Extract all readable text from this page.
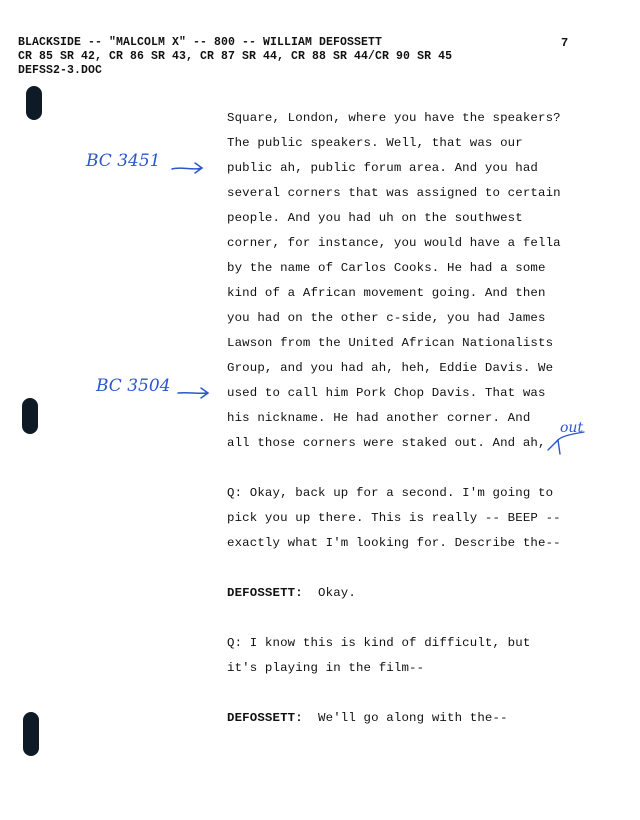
BLACKSIDE -- "MALCOLM X" -- 800 -- WILLIAM DEFOSSETT
CR 85 SR 42, CR 86 SR 43, CR 87 SR 44, CR 88 SR 44/CR 90 SR 45
DEFSS2-3.DOC
7
Square, London, where you have the speakers?
The public speakers. Well, that was our
public ah, public forum area. And you had
several corners that was assigned to certain
people. And you had uh on the southwest
corner, for instance, you would have a fella
by the name of Carlos Cooks. He had a some
kind of a African movement going. And then
you had on the other c-side, you had James
Lawson from the United African Nationalists
Group, and you had ah, heh, Eddie Davis. We
used to call him Pork Chop Davis. That was
his nickname. He had another corner. And
all those corners were staked out. And ah,
Q: Okay, back up for a second. I'm going to
pick you up there. This is really -- BEEP --
exactly what I'm looking for. Describe the--
DEFOSSETT:  Okay.
Q: I know this is kind of difficult, but
it's playing in the film--
DEFOSSETT:  We'll go along with the--
BC 3451
BC 3504
out
